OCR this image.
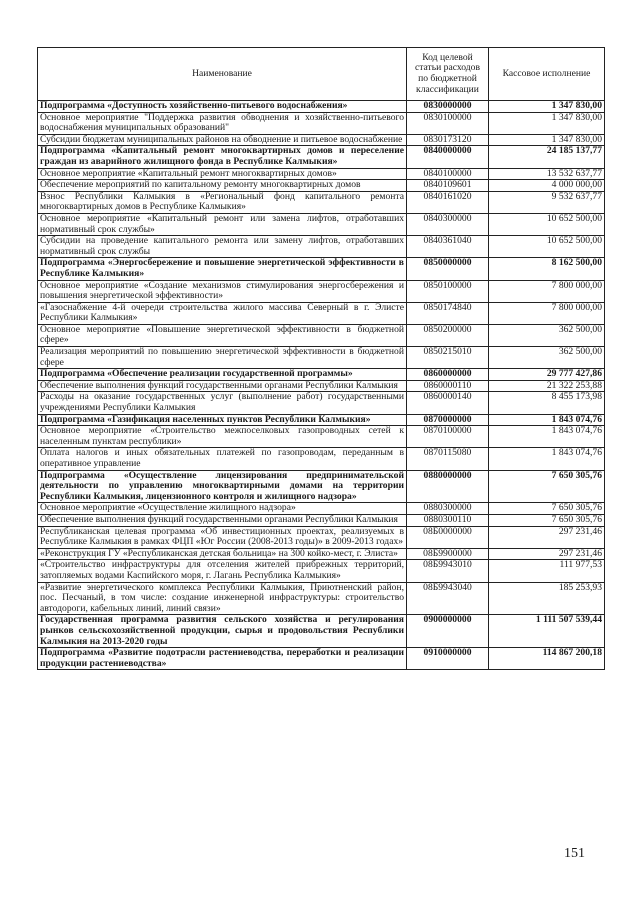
Наименование	Код целевой статьи расходов по бюджетной классификации	Кассовое исполнение
Подпрограмма «Доступность хозяйственно-питьевого водоснабжения»	0830000000	1 347 830,00
Основное мероприятие "Поддержка развития обводнения и хозяйственно-питьевого водоснабжения муниципальных образований"	0830100000	1 347 830,00
Субсидии бюджетам муниципальных районов на обводнение и питьевое водоснабжение	0830173120	1 347 830,00
Подпрограмма «Капитальный ремонт многоквартирных домов и переселение граждан из аварийного жилищного фонда в Республике Калмыкия»	0840000000	24 185 137,77
Основное мероприятие «Капитальный ремонт многоквартирных домов»	0840100000	13 532 637,77
Обеспечение мероприятий по капитальному ремонту многоквартирных домов	0840109601	4 000 000,00
Взнос Республики Калмыкия в «Региональный фонд капитального ремонта многоквартирных домов в Республике Калмыкия»	0840161020	9 532 637,77
Основное мероприятие «Капитальный ремонт или замена лифтов, отработавших нормативный срок службы»	0840300000	10 652 500,00
Субсидии на проведение капитального ремонта или замену лифтов, отработавших нормативный срок службы	0840361040	10 652 500,00
Подпрограмма «Энергосбережение и повышение энергетической эффективности в Республике Калмыкия»	0850000000	8 162 500,00
Основное мероприятие «Создание механизмов стимулирования энергосбережения и повышения энергетической эффективности»	0850100000	7 800 000,00
«Газоснабжение 4-й очереди строительства жилого массива Северный в г. Элисте Республики Калмыкия»	0850174840	7 800 000,00
Основное мероприятие «Повышение энергетической эффективности в бюджетной сфере»	0850200000	362 500,00
Реализация мероприятий по повышению энергетической эффективности в бюджетной сфере	0850215010	362 500,00
Подпрограмма «Обеспечение реализации государственной программы»	0860000000	29 777 427,86
Обеспечение выполнения функций государственными органами Республики Калмыкия	0860000110	21 322 253,88
Расходы на оказание государственных услуг (выполнение работ) государственными учреждениями Республики Калмыкия	0860000140	8 455 173,98
Подпрограмма «Газификация населенных пунктов Республики Калмыкия»	0870000000	1 843 074,76
Основное мероприятие «Строительство межпоселковых газопроводных сетей к населенным пунктам республики»	0870100000	1 843 074,76
Оплата налогов и иных обязательных платежей по газопроводам, переданным в оперативное управление	0870115080	1 843 074,76
Подпрограмма «Осуществление лицензирования предпринимательской деятельности по управлению многоквартирными домами на территории Республики Калмыкия, лицензионного контроля и жилищного надзора»	0880000000	7 650 305,76
Основное мероприятие «Осуществление жилищного надзора»	0880300000	7 650 305,76
Обеспечение выполнения функций государственными органами Республики Калмыкия	0880300110	7 650 305,76
Республиканская целевая программа «Об инвестиционных проектах, реализуемых в Республике Калмыкия в рамках ФЦП «Юг России (2008-2013 годы)» в 2009-2013 годах»	08Б0000000	297 231,46
«Реконструкция ГУ «Республиканская детская больница» на 300 койко-мест, г. Элиста»	08Б9900000	297 231,46
«Строительство инфраструктуры для отселения жителей прибрежных территорий, затопляемых водами Каспийского моря, г. Лагань Республика Калмыкия»	08Б9943010	111 977,53
«Развитие энергетического комплекса Республики Калмыкия, Приютненский район, пос. Песчаный, в том числе: создание инженерной инфраструктуры: строительство автодороги, кабельных линий, линий связи»	08Б9943040	185 253,93
Государственная программа развития сельского хозяйства и регулирования рынков сельскохозяйственной продукции, сырья и продовольствия Республики Калмыкия на 2013-2020 годы	0900000000	1 111 507 539,44
Подпрограмма «Развитие подотрасли растениеводства, переработки и реализации продукции растениеводства»	0910000000	114 867 200,18
151
